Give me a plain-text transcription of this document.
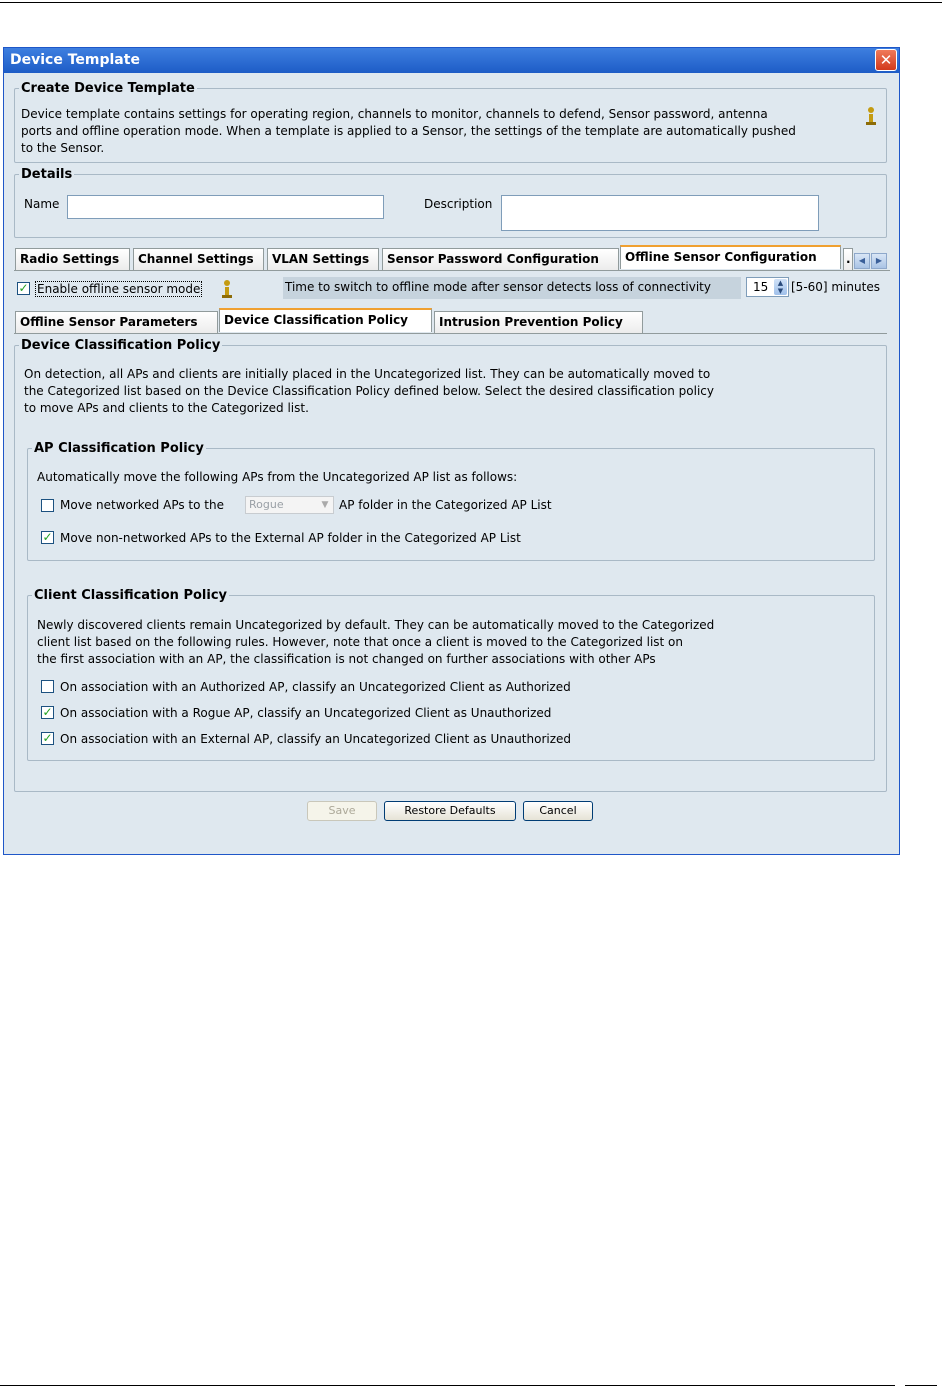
Device Template	✕
Create Device Template
Device template contains settings for operating region, channels to monitor, channels to defend, Sensor password, antenna
ports and offline operation mode. When a template is applied to a Sensor, the settings of the template are automatically pushed
to the Sensor.
Details
Name	Description
Radio Settings	Channel Settings	VLAN Settings	Sensor Password Configuration	Offline Sensor Configuration	.	◀	▶
✓ Enable offline sensor mode	Time to switch to offline mode after sensor detects loss of connectivity	15	▲
▼ [5-60] minutes
Offline Sensor Parameters	Device Classification Policy	Intrusion Prevention Policy
Device Classification Policy
On detection, all APs and clients are initially placed in the Uncategorized list. They can be automatically moved to
the Categorized list based on the Device Classification Policy defined below. Select the desired classification policy
to move APs and clients to the Categorized list.
AP Classification Policy
Automatically move the following APs from the Uncategorized AP list as follows:
Move networked APs to the	Rogue	▼ AP folder in the Categorized AP List
✓ Move non-networked APs to the External AP folder in the Categorized AP List
Client Classification Policy
Newly discovered clients remain Uncategorized by default. They can be automatically moved to the Categorized
client list based on the following rules. However, note that once a client is moved to the Categorized list on
the first association with an AP, the classification is not changed on further associations with other APs
On association with an Authorized AP, classify an Uncategorized Client as Authorized
✓ On association with a Rogue AP, classify an Uncategorized Client as Unauthorized
✓ On association with an External AP, classify an Uncategorized Client as Unauthorized
Save	Restore Defaults	Cancel
